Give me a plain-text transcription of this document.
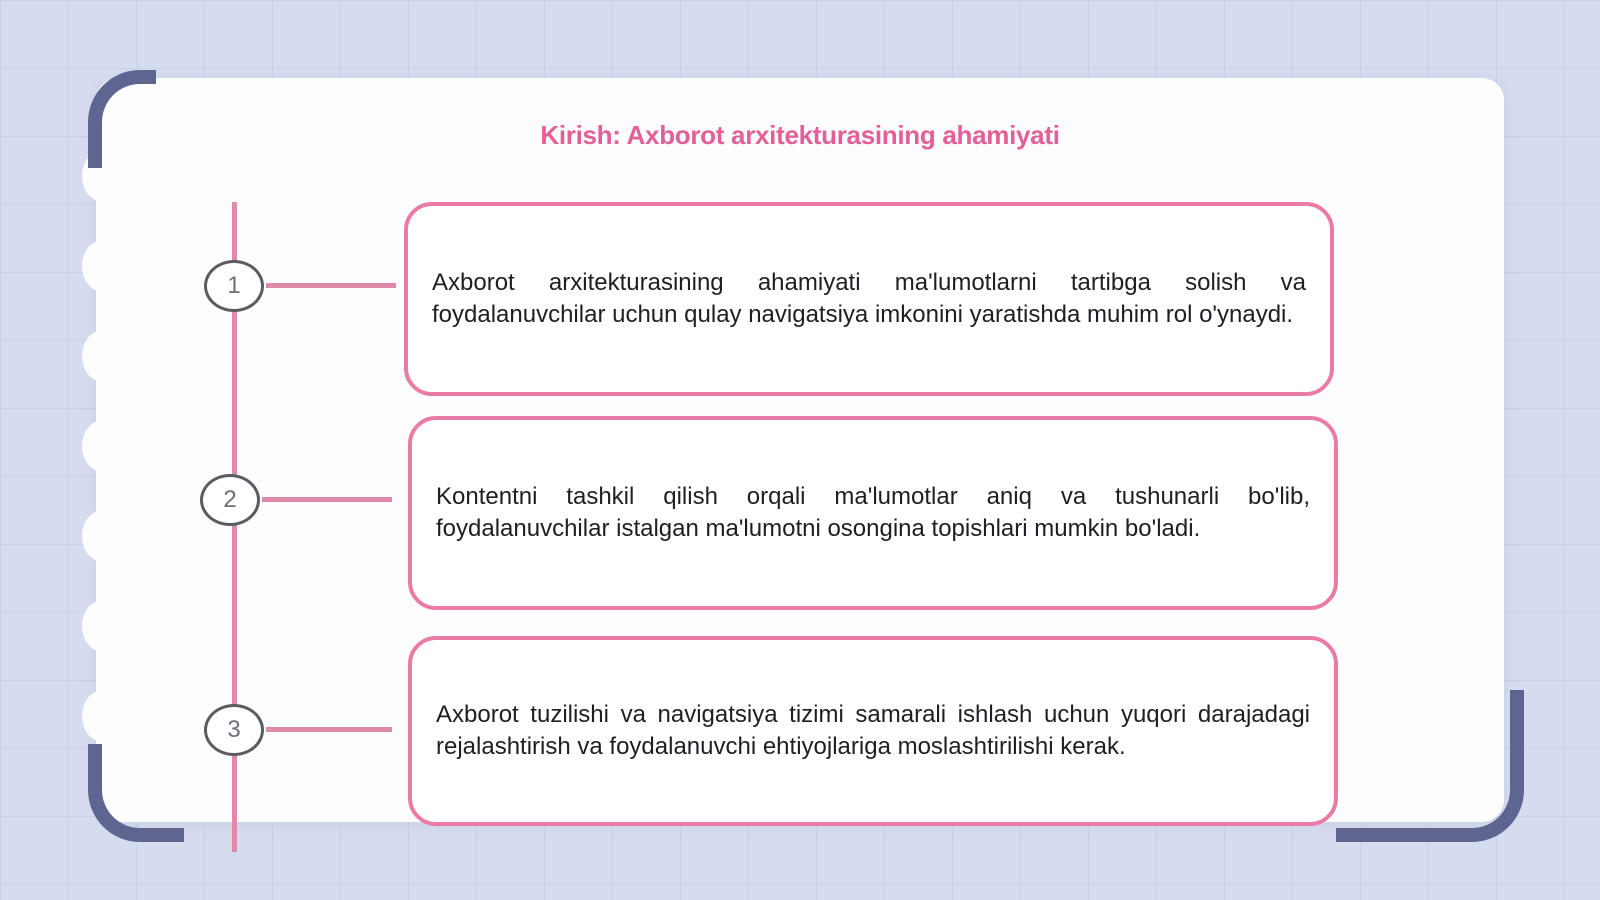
Kirish: Axborot arxitekturasining ahamiyati
1
2
3
Axborot arxitekturasining ahamiyati ma'lumotlarni tartibga solish va foydalanuvchilar uchun qulay navigatsiya imkonini yaratishda muhim rol o'ynaydi.
Kontentni tashkil qilish orqali ma'lumotlar aniq va tushunarli bo'lib, foydalanuvchilar istalgan ma'lumotni osongina topishlari mumkin bo'ladi.
Axborot tuzilishi va navigatsiya tizimi samarali ishlash uchun yuqori darajadagi rejalashtirish va foydalanuvchi ehtiyojlariga moslashtirilishi kerak.
